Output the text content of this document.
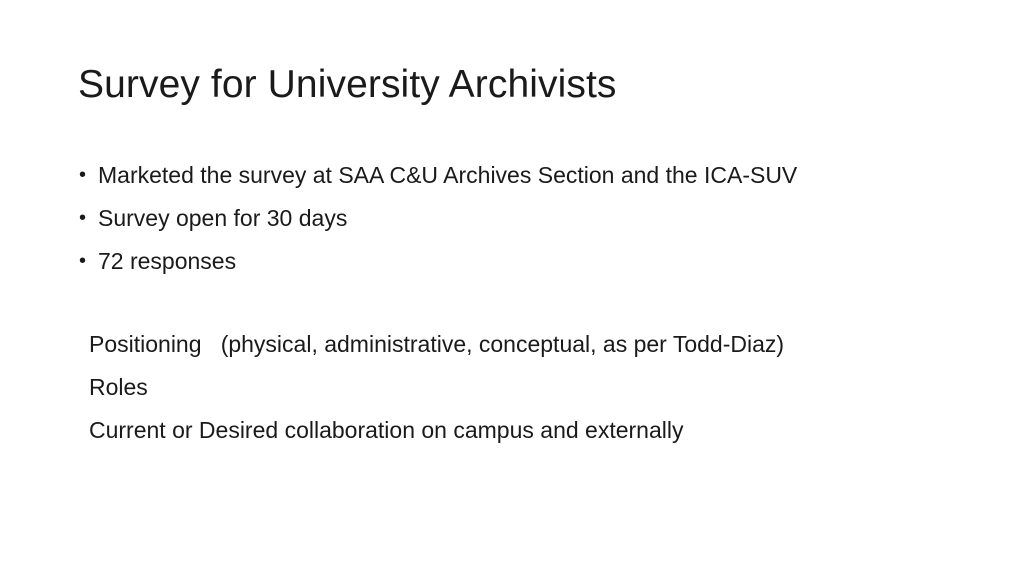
Survey for University Archivists
• Marketed the survey at SAA C&U Archives Section and the ICA-SUV
• Survey open for 30 days
• 72 responses
Positioning   (physical, administrative, conceptual, as per Todd-Diaz)
Roles
Current or Desired collaboration on campus and externally
